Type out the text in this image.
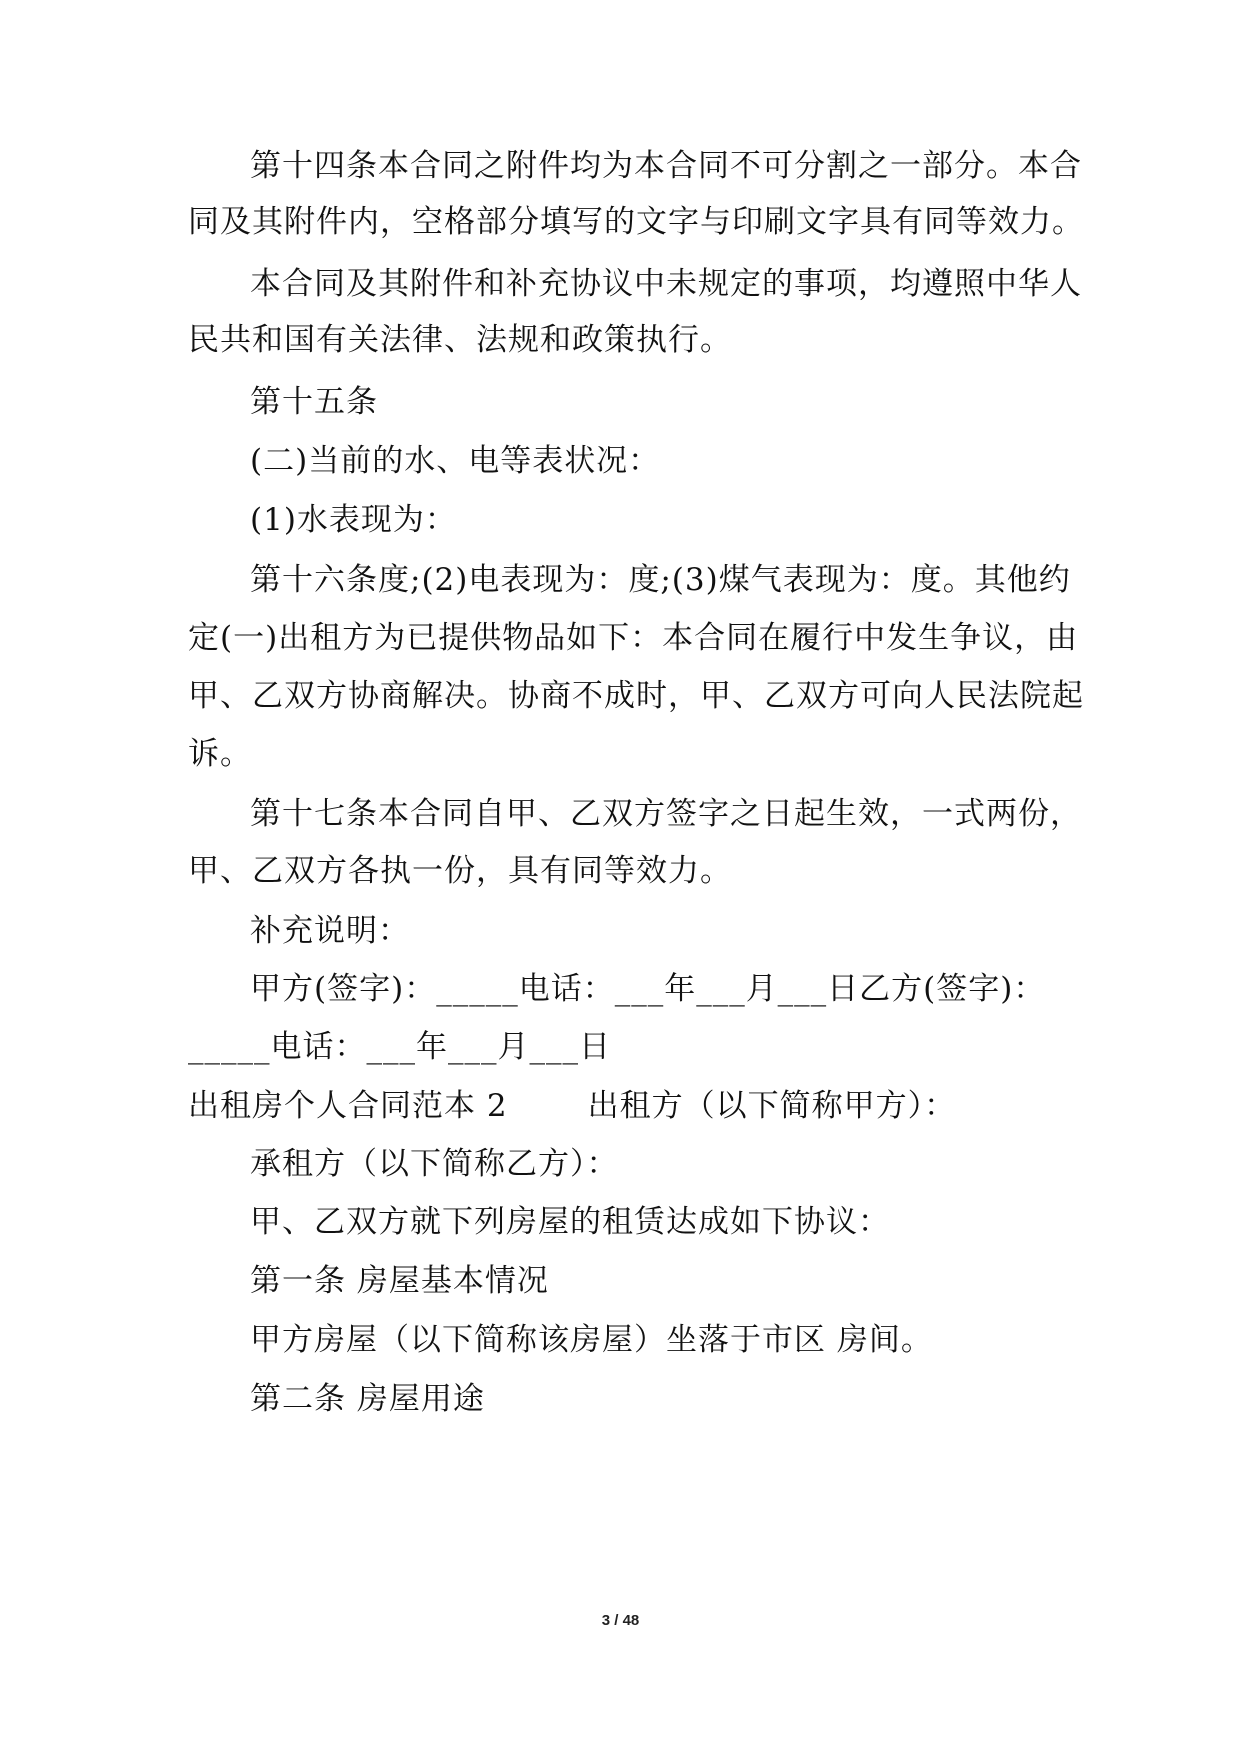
第十四条本合同之附件均为本合同不可分割之一部分。本合
同及其附件内，空格部分填写的文字与印刷文字具有同等效力。
本合同及其附件和补充协议中未规定的事项，均遵照中华人
民共和国有关法律、法规和政策执行。
第十五条
(二)当前的水、电等表状况：
(1)水表现为：
第十六条度;(2)电表现为：度;(3)煤气表现为：度。其他约
定(一)出租方为已提供物品如下：本合同在履行中发生争议，由
甲、乙双方协商解决。协商不成时，甲、乙双方可向人民法院起
诉。
第十七条本合同自甲、乙双方签字之日起生效，一式两份，
甲、乙双方各执一份，具有同等效力。
补充说明：
甲方(签字)：_____电话：___年___月___日乙方(签字)：
_____电话：___年___月___日
出租房个人合同范本 2	出租方（以下简称甲方）：
承租方（以下简称乙方）：
甲、乙双方就下列房屋的租赁达成如下协议：
第一条 房屋基本情况
甲方房屋（以下简称该房屋）坐落于市区 房间。
第二条 房屋用途
3 / 48
